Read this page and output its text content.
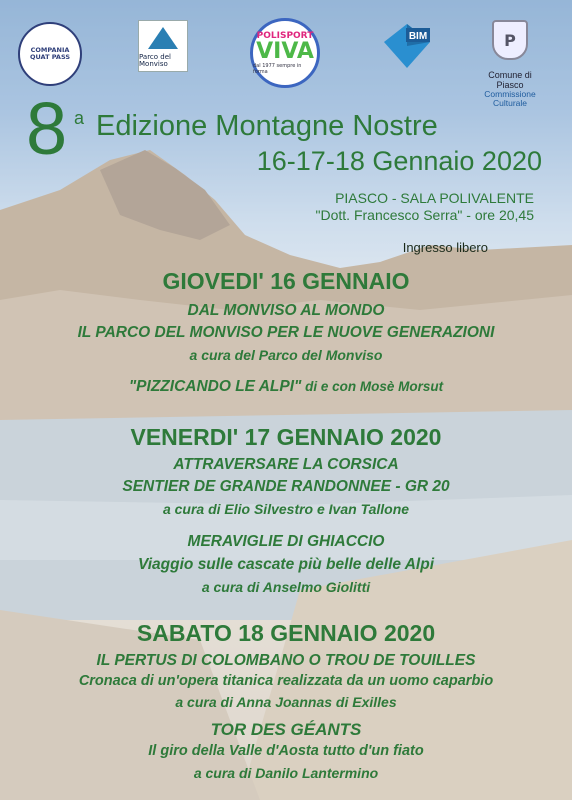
COMPANIA QUAT PASS	Parco del Monviso
POLISPORT
VIVA
dal 1977 sempre in forma
BIM	P
Comune di Piasco
Commissione
Culturale
8 a Edizione Montagne Nostre
16-17-18 Gennaio 2020
PIASCO - SALA POLIVALENTE
"Dott. Francesco Serra" - ore 20,45
Ingresso libero
GIOVEDI' 16 GENNAIO
DAL MONVISO AL MONDO
IL PARCO DEL MONVISO PER LE NUOVE GENERAZIONI
a cura del Parco del Monviso
"PIZZICANDO LE ALPI" di e con Mosè Morsut
VENERDI' 17 GENNAIO 2020
ATTRAVERSARE LA CORSICA
SENTIER DE GRANDE RANDONNEE - GR 20
a cura di Elio Silvestro e Ivan Tallone
MERAVIGLIE DI GHIACCIO
Viaggio sulle cascate più belle delle Alpi
a cura di Anselmo Giolitti
SABATO 18 GENNAIO 2020
IL PERTUS DI COLOMBANO O TROU DE TOUILLES
Cronaca di un'opera titanica realizzata da un uomo caparbio
a cura di Anna Joannas di Exilles
TOR DES GÉANTS
Il giro della Valle d'Aosta tutto d'un fiato
a cura di Danilo Lantermino
